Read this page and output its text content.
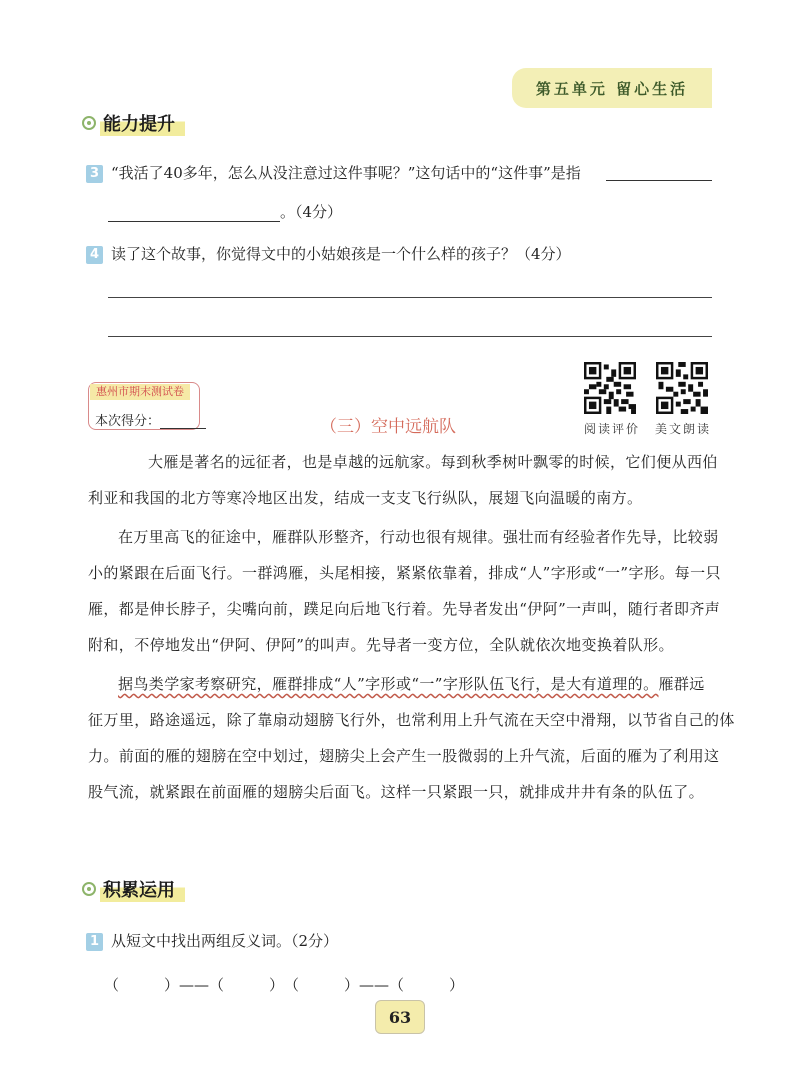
第五单元 留心生活
能力提升
3 “我活了40多年，怎么从没注意过这件事呢？”这句话中的“这件事”是指
。（4分）
4 读了这个故事，你觉得文中的小姑娘孩是一个什么样的孩子？（4分）
惠州市期末测试卷
本次得分：	（三）空中远航队	阅读评价 美文朗读
大雁是著名的远征者，也是卓越的远航家。每到秋季树叶飘零的时候，它们便从西伯
利亚和我国的北方等寒冷地区出发，结成一支支飞行纵队，展翅飞向温暖的南方。
在万里高飞的征途中，雁群队形整齐，行动也很有规律。强壮而有经验者作先导，比较弱
小的紧跟在后面飞行。一群鸿雁，头尾相接，紧紧依靠着，排成“人”字形或“一”字形。每一只
雁，都是伸长脖子，尖嘴向前，蹼足向后地飞行着。先导者发出“伊阿”一声叫，随行者即齐声
附和，不停地发出“伊阿、伊阿”的叫声。先导者一变方位，全队就依次地变换着队形。
据鸟类学家考察研究，雁群排成“人”字形或“一”字形队伍飞行，是大有道理的。雁群远
征万里，路途遥远，除了靠扇动翅膀飞行外，也常利用上升气流在天空中滑翔，以节省自己的体
力。前面的雁的翅膀在空中划过，翅膀尖上会产生一股微弱的上升气流，后面的雁为了利用这
股气流，就紧跟在前面雁的翅膀尖后面飞。这样一只紧跟一只，就排成井井有条的队伍了。
积累运用
1 从短文中找出两组反义词。（2分）
（　　　）——（　　　）　（　　　）——（　　　）
63
